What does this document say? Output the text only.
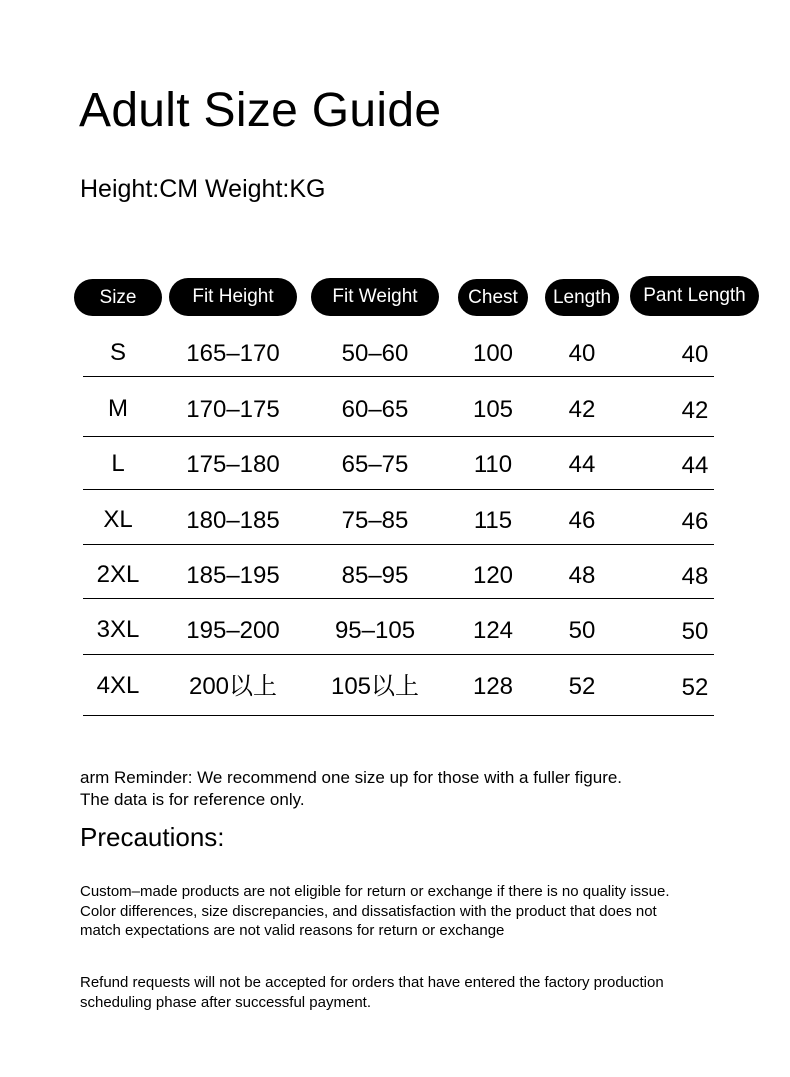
Adult Size Guide
Height:CM Weight:KG
Size	Fit Height	Fit Weight	Chest	Length	Pant Length
S	165–170	50–60	100	40	40
M	170–175	60–65	105	42	42
L	175–180	65–75	110	44	44
XL	180–185	75–85	115	46	46
2XL	185–195	85–95	120	48	48
3XL	195–200	95–105	124	50	50
4XL	200以上	105以上	128	52	52
arm Reminder: We recommend one size up for those with a fuller figure.
The data is for reference only.
Precautions:
Custom–made products are not eligible for return or exchange if there is no quality issue.
Color differences, size discrepancies, and dissatisfaction with the product that does not
match expectations are not valid reasons for return or exchange
Refund requests will not be accepted for orders that have entered the factory production
scheduling phase after successful payment.
